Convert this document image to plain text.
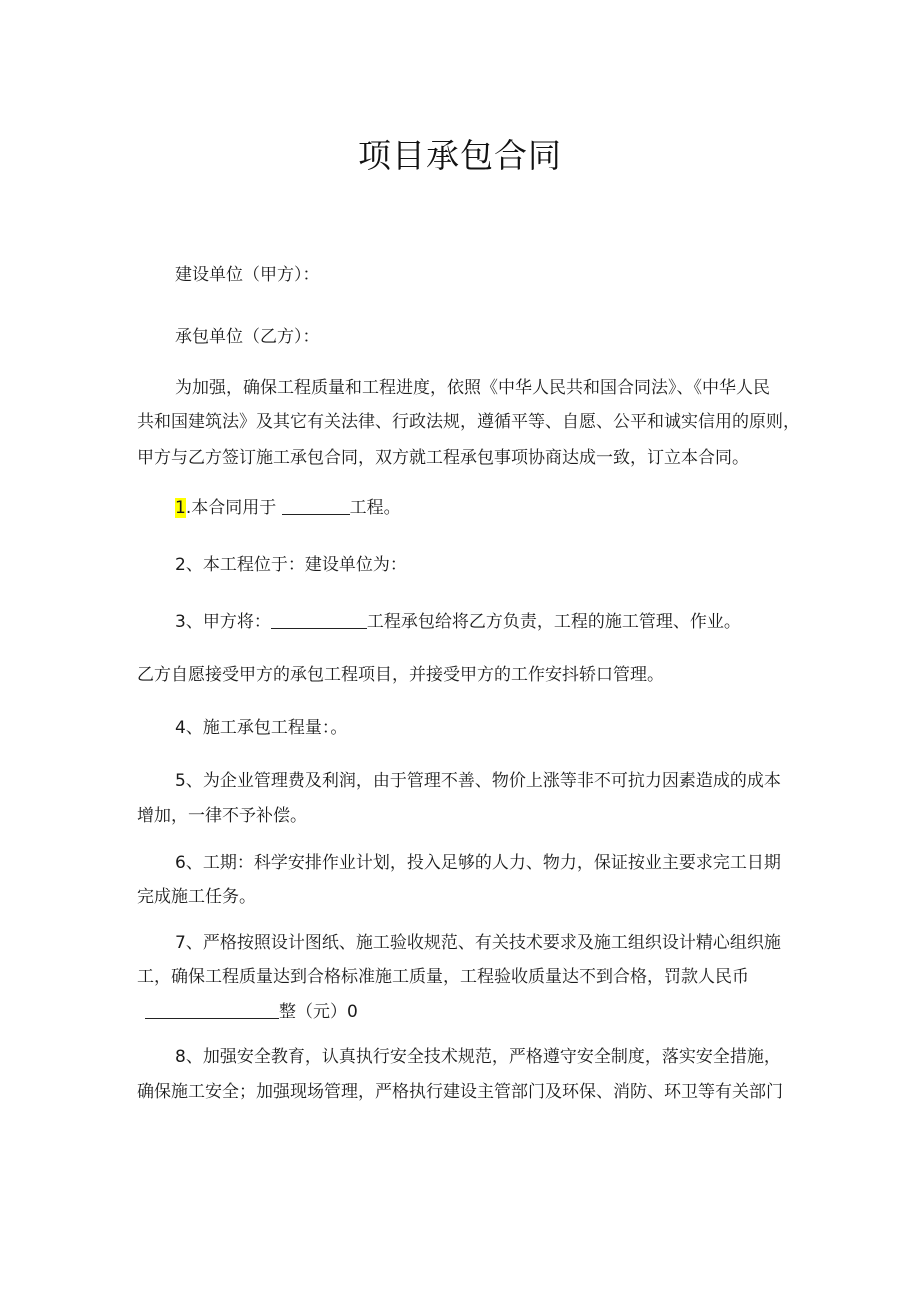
项目承包合同
建设单位（甲方）：
承包单位（乙方）：
为加强，确保工程质量和工程进度，依照《中华人民共和国合同法》、《中华人民
共和国建筑法》及其它有关法律、行政法规，遵循平等、自愿、公平和诚实信用的原则，
甲方与乙方签订施工承包合同，双方就工程承包事项协商达成一致，订立本合同。
1.本合同用于	工程。
2、本工程位于：建设单位为：
3、甲方将：	工程承包给将乙方负责，工程的施工管理、作业。
乙方自愿接受甲方的承包工程项目，并接受甲方的工作安抖轿口管理。
4、施工承包工程量：。
5、为企业管理费及利润，由于管理不善、物价上涨等非不可抗力因素造成的成本
增加，一律不予补偿。
6、工期：科学安排作业计划，投入足够的人力、物力，保证按业主要求完工日期
完成施工任务。
7、严格按照设计图纸、施工验收规范、有关技术要求及施工组织设计精心组织施
工，确保工程质量达到合格标准施工质量，工程验收质量达不到合格，罚款人民币
整（元）0
8、加强安全教育，认真执行安全技术规范，严格遵守安全制度，落实安全措施，
确保施工安全；加强现场管理，严格执行建设主管部门及环保、消防、环卫等有关部门
